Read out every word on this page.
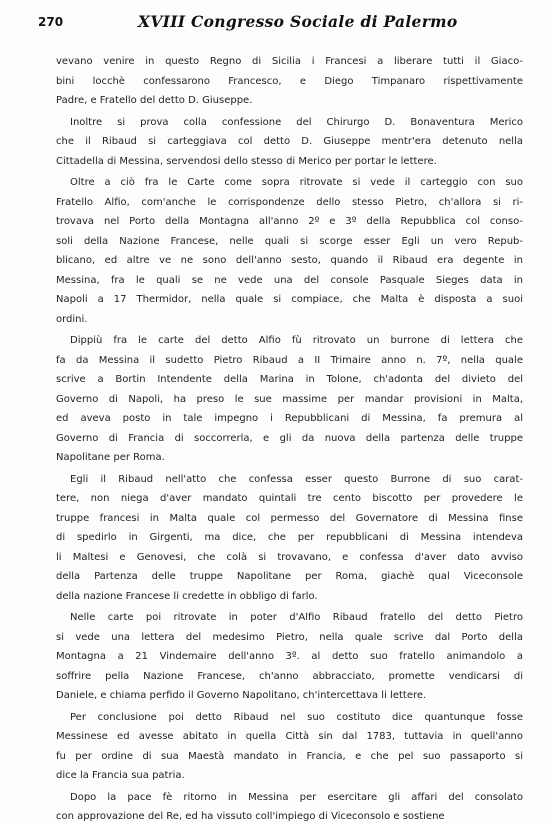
270	XVIII Congresso Sociale di Palermo
vevano venire in questo Regno di Sicilia i Francesi a liberare tutti il Giaco-
bini locchè confessarono Francesco, e Diego Timpanaro rispettivamente
Padre, e Fratello del detto D. Giuseppe.
Inoltre si prova colla confessione del Chirurgo D. Bonaventura Merico
che il Ribaud si carteggiava col detto D. Giuseppe mentr'era detenuto nella
Cittadella di Messina, servendosi dello stesso di Merico per portar le lettere.
Oltre a ciò fra le Carte come sopra ritrovate si vede il carteggio con suo
Fratello Alfio, com'anche le corrispondenze dello stesso Pietro, ch'allora si ri-
trovava nel Porto della Montagna all'anno 2º e 3º della Repubblica col conso-
soli della Nazione Francese, nelle quali si scorge esser Egli un vero Repub-
blicano, ed altre ve ne sono dell'anno sesto, quando il Ribaud era degente in
Messina, fra le quali se ne vede una del console Pasquale Sieges data in
Napoli a 17 Thermidor, nella quale si compiace, che Malta è disposta a suoi
ordini.
Dippiù fra le carte del detto Alfio fù ritrovato un burrone di lettera che
fa da Messina il sudetto Pietro Ribaud a II Trimaire anno n. 7º, nella quale
scrive a Bortin Intendente della Marina in Tolone, ch'adonta del divieto del
Governo di Napoli, ha preso le sue massime per mandar provisioni in Malta,
ed aveva posto in tale impegno i Repubblicani di Messina, fa premura al
Governo di Francia di soccorrerla, e gli da nuova della partenza delle truppe
Napolitane per Roma.
Egli il Ribaud nell'atto che confessa esser questo Burrone di suo carat-
tere, non niega d'aver mandato quintali tre cento biscotto per provedere le
truppe francesi in Malta quale col permesso del Governatore di Messina finse
di spedirlo in Girgenti, ma dice, che per repubblicani di Messina intendeva
li Maltesi e Genovesi, che colà si trovavano, e confessa d'aver dato avviso
della Partenza delle truppe Napolitane per Roma, giachè qual Viceconsole
della nazione Francese li credette in obbligo di farlo.
Nelle carte poi ritrovate in poter d'Alfio Ribaud fratello del detto Pietro
si vede una lettera del medesimo Pietro, nella quale scrive dal Porto della
Montagna a 21 Vindemaire dell'anno 3º. al detto suo fratello animandolo a
soffrire pella Nazione Francese, ch'anno abbracciato, promette vendicarsi di
Daniele, e chiama perfido il Governo Napolitano, ch'intercettava li lettere.
Per conclusione poi detto Ribaud nel suo costituto dice quantunque fosse
Messinese ed avesse abitato in quella Città sin dal 1783, tuttavia in quell'anno
fu per ordine di sua Maestà mandato in Francia, e che pel suo passaporto si
dice la Francia sua patria.
Dopo la pace fè ritorno in Messina per esercitare gli affari del consolato
con approvazione del Re, ed ha vissuto coll'impiego di Viceconsolo e sostiene
